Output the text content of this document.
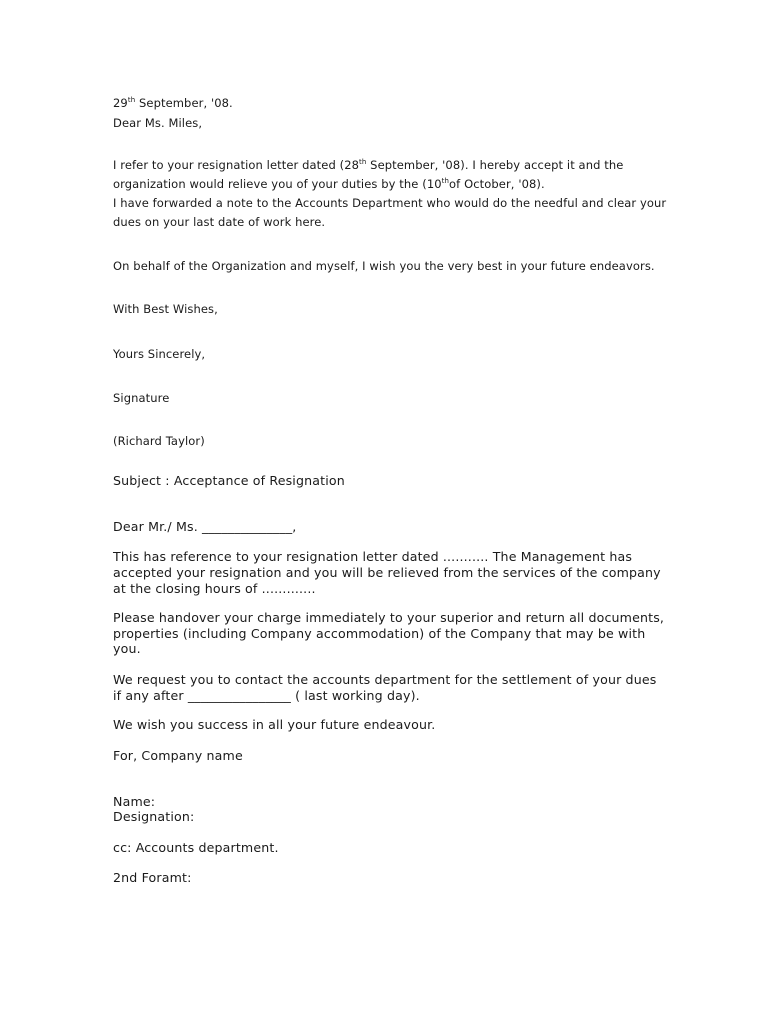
29th September, '08.

Dear Ms. Miles,

I refer to your resignation letter dated (28th September, '08). I hereby accept it and the

organization would relieve you of your duties by the (10thof October, '08).

I have forwarded a note to the Accounts Department who would do the needful and clear your

dues on your last date of work here.

On behalf of the Organization and myself, I wish you the very best in your future endeavors.

With Best Wishes,

Yours Sincerely,

Signature

(Richard Taylor)

Subject : Acceptance of Resignation

Dear Mr./ Ms. ______________,

This has reference to your resignation letter dated ........... The Management has

accepted your resignation and you will be relieved from the services of the company

at the closing hours of .............

Please handover your charge immediately to your superior and return all documents,

properties (including Company accommodation) of the Company that may be with

you.

We request you to contact the accounts department for the settlement of your dues

if any after ________________ ( last working day).

We wish you success in all your future endeavour.

For, Company name

Name:

Designation:

cc: Accounts department.

2nd Foramt:
